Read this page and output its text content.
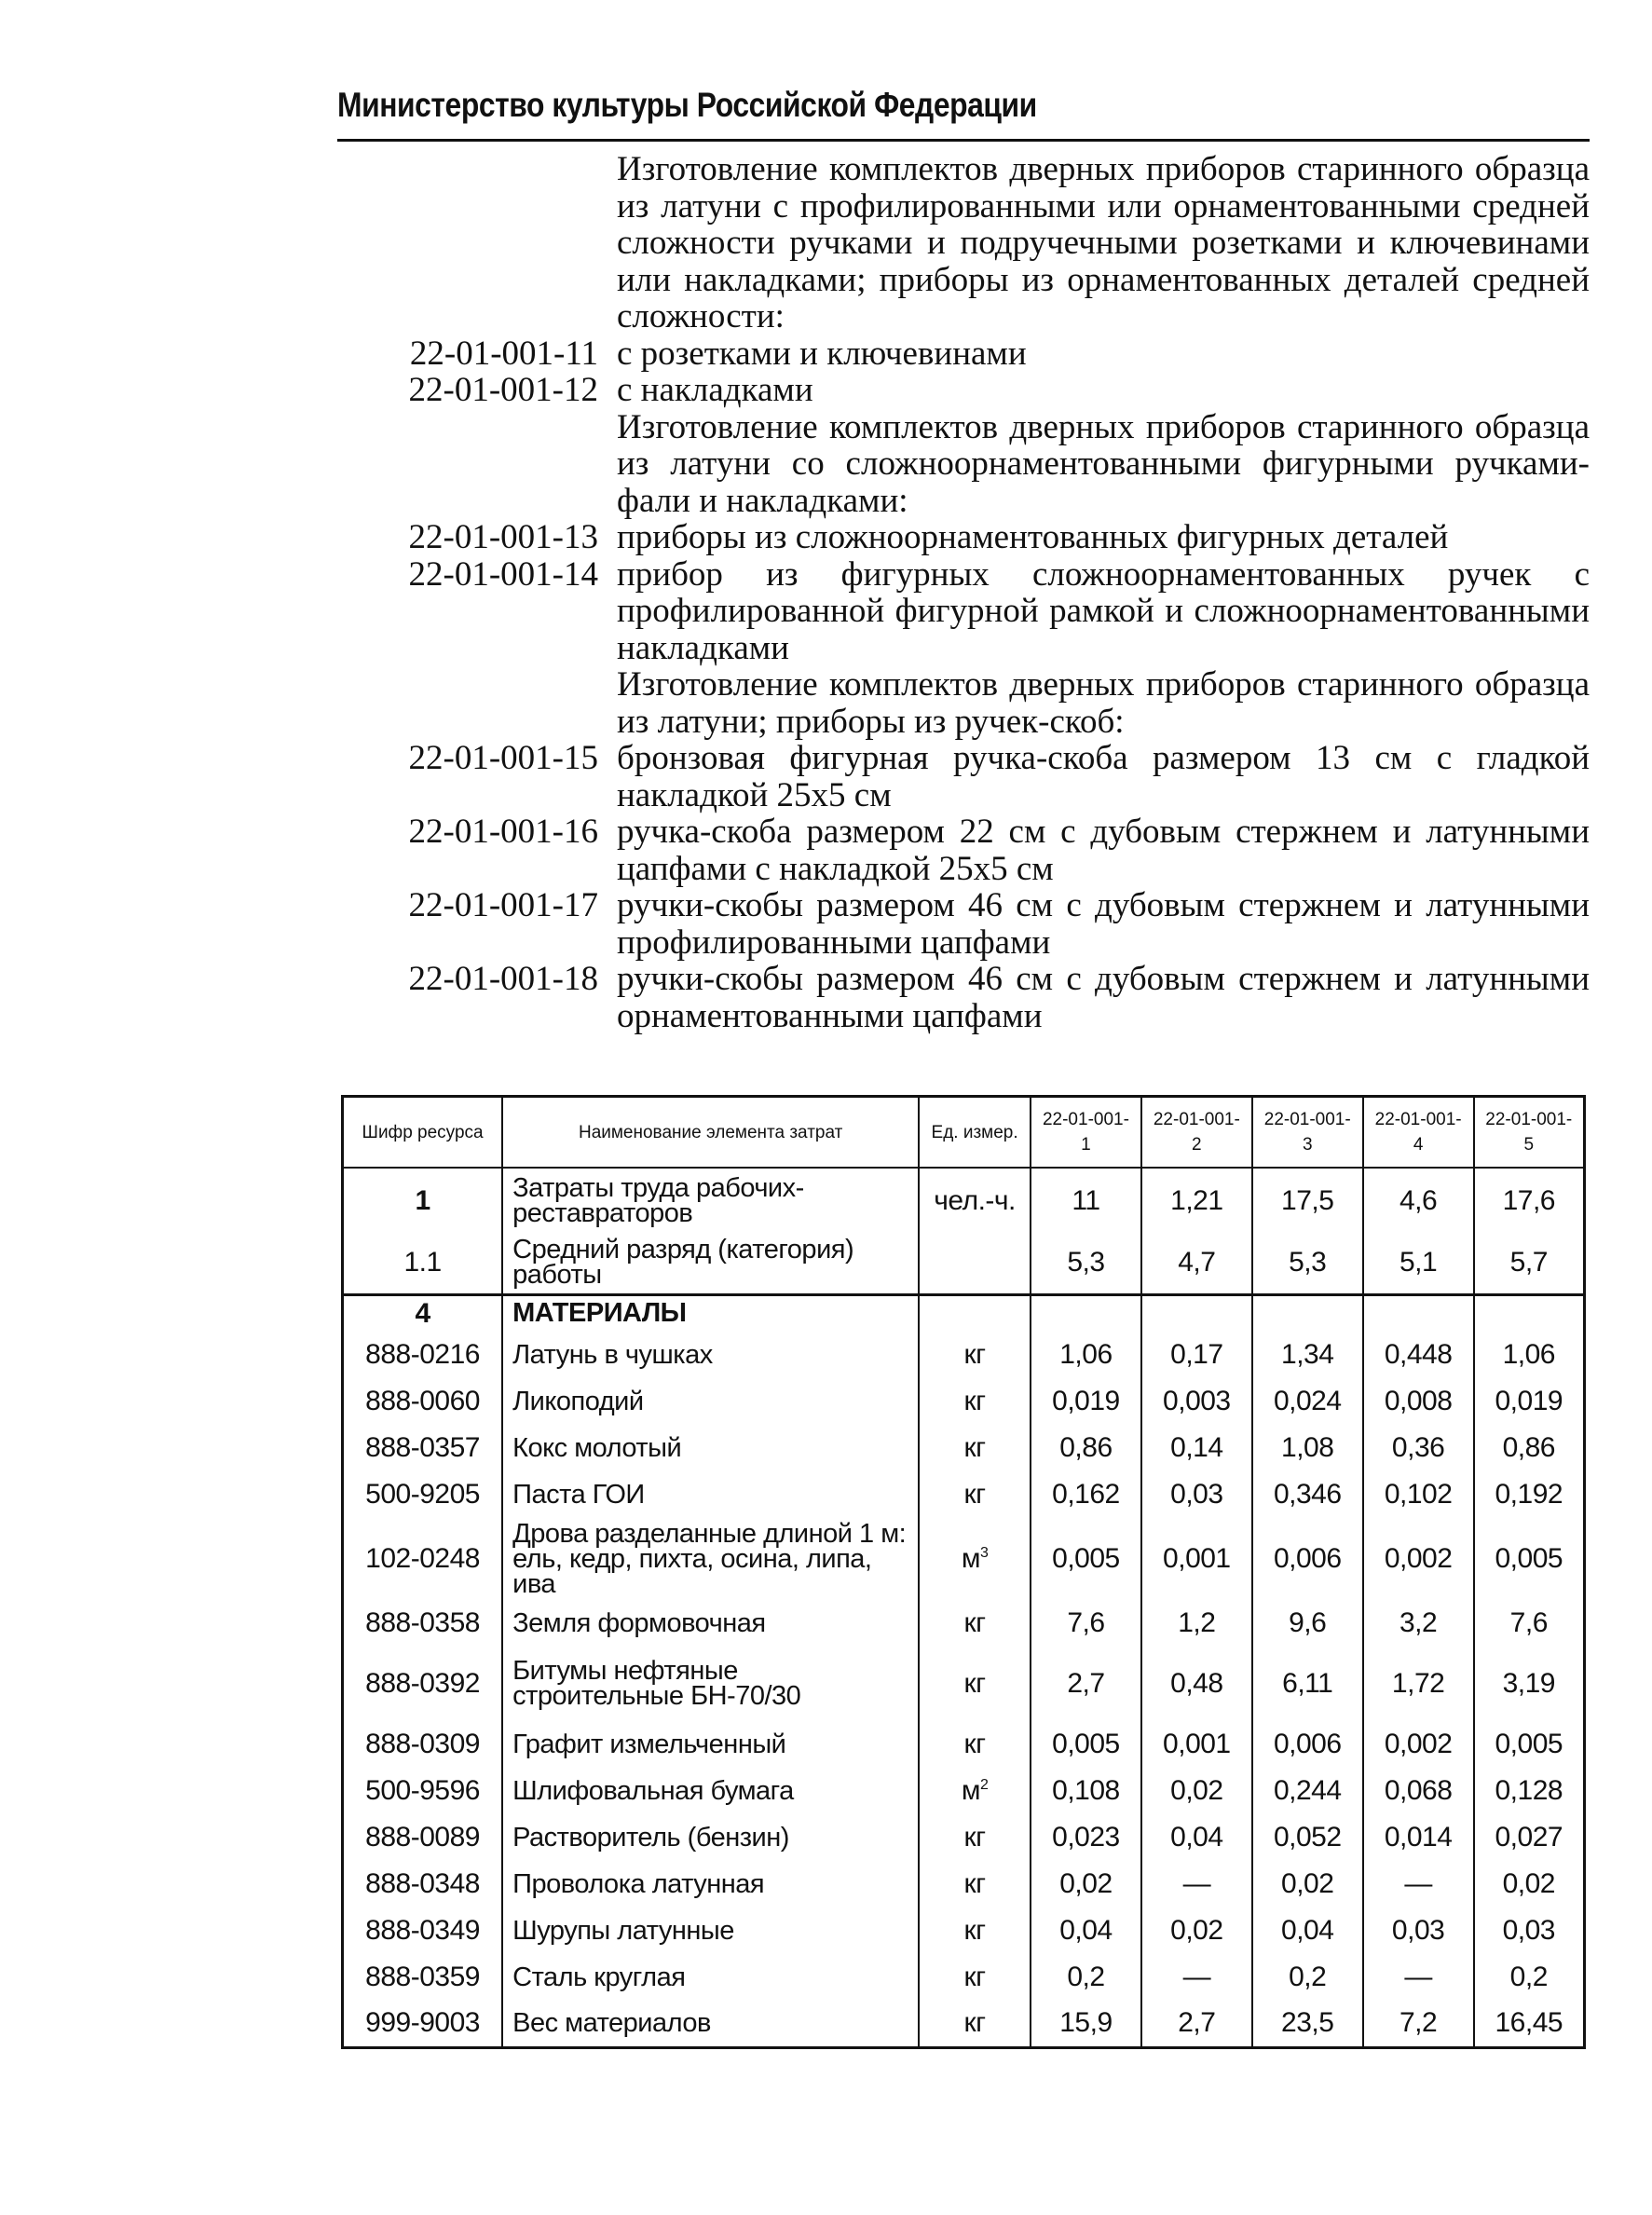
Министерство культуры Российской Федерации
Изготовление комплектов дверных приборов старинного образца из латуни с профилированными или орнаментованными средней сложности ручками и подручечными розетками и ключевинами или накладками; приборы из орнаментованных деталей средней сложности:
22-01-001-11 с розетками и ключевинами
22-01-001-12 с накладками
Изготовление комплектов дверных приборов старинного образца из латуни со сложноорнаментованными фигурными ручками-фали и накладками:
22-01-001-13 приборы из сложноорнаментованных фигурных деталей
22-01-001-14 прибор из фигурных сложноорнаментованных ручек с профилированной фигурной рамкой и сложноорнаментованными накладками
Изготовление комплектов дверных приборов старинного образца из латуни; приборы из ручек-скоб:
22-01-001-15 бронзовая фигурная ручка-скоба размером 13 см с гладкой накладкой 25х5 см
22-01-001-16 ручка-скоба размером 22 см с дубовым стержнем и латунными цапфами с накладкой 25х5 см
22-01-001-17 ручки-скобы размером 46 см с дубовым стержнем и латунными профилированными цапфами
22-01-001-18 ручки-скобы размером 46 см с дубовым стержнем и латунными орнаментованными цапфами
Шифр ресурса	Наименование элемента затрат	Ед. измер.	22-01-001-1	22-01-001-2	22-01-001-3	22-01-001-4	22-01-001-5
1	Затраты труда рабочих-реставраторов	чел.-ч.	11	1,21	17,5	4,6	17,6
1.1	Средний разряд (категория) работы		5,3	4,7	5,3	5,1	5,7
4	МАТЕРИАЛЫ						
888-0216	Латунь в чушках	кг	1,06	0,17	1,34	0,448	1,06
888-0060	Ликоподий	кг	0,019	0,003	0,024	0,008	0,019
888-0357	Кокс молотый	кг	0,86	0,14	1,08	0,36	0,86
500-9205	Паста ГОИ	кг	0,162	0,03	0,346	0,102	0,192
102-0248	Дрова разделанные длиной 1 м: ель, кедр, пихта, осина, липа, ива	$м^3$	0,005	0,001	0,006	0,002	0,005
888-0358	Земля формовочная	кг	7,6	1,2	9,6	3,2	7,6
888-0392	Битумы нефтяные строительные БН-70/30	кг	2,7	0,48	6,11	1,72	3,19
888-0309	Графит измельченный	кг	0,005	0,001	0,006	0,002	0,005
500-9596	Шлифовальная бумага	$м^2$	0,108	0,02	0,244	0,068	0,128
888-0089	Растворитель (бензин)	кг	0,023	0,04	0,052	0,014	0,027
888-0348	Проволока латунная	кг	0,02	—	0,02	—	0,02
888-0349	Шурупы латунные	кг	0,04	0,02	0,04	0,03	0,03
888-0359	Сталь круглая	кг	0,2	—	0,2	—	0,2
999-9003	Вес материалов	кг	15,9	2,7	23,5	7,2	16,45
